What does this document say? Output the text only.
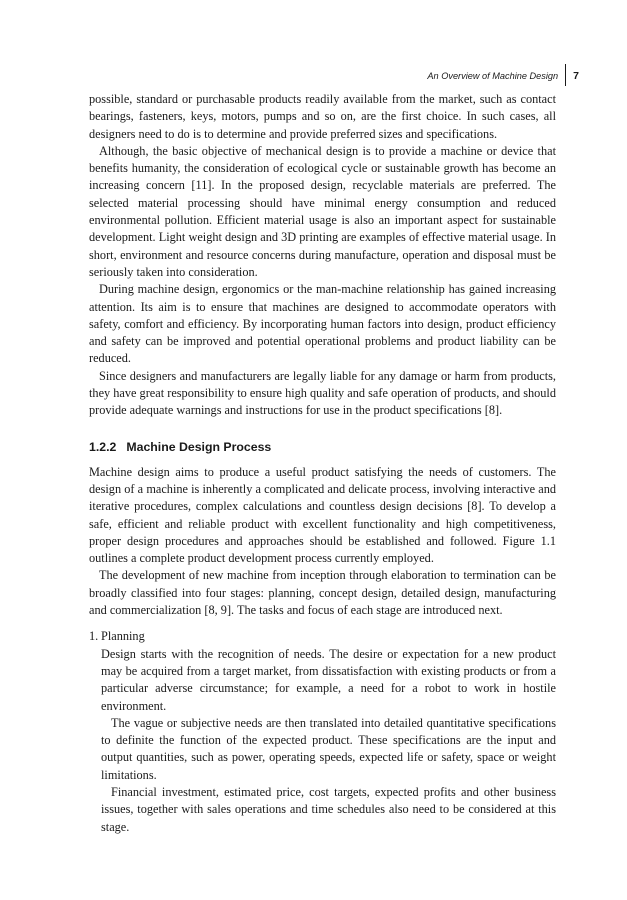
An Overview of Machine Design	7

possible, standard or purchasable products readily available from the market, such as contact bearings, fasteners, keys, motors, pumps and so on, are the first choice. In such cases, all designers need to do is to determine and provide preferred sizes and specifications.

Although, the basic objective of mechanical design is to provide a machine or device that benefits humanity, the consideration of ecological cycle or sustainable growth has become an increasing concern [11]. In the proposed design, recyclable materials are preferred. The selected material processing should have minimal energy consumption and reduced environmental pollution. Efficient material usage is also an important aspect for sustainable development. Light weight design and 3D printing are examples of effective material usage. In short, environment and resource concerns during manufacture, operation and disposal must be seriously taken into consideration.

During machine design, ergonomics or the man-machine relationship has gained increasing attention. Its aim is to ensure that machines are designed to accommodate operators with safety, comfort and efficiency. By incorporating human factors into design, product efficiency and safety can be improved and potential operational problems and product liability can be reduced.

Since designers and manufacturers are legally liable for any damage or harm from products, they have great responsibility to ensure high quality and safe operation of products, and should provide adequate warnings and instructions for use in the product specifications [8].

1.2.2 Machine Design Process

Machine design aims to produce a useful product satisfying the needs of customers. The design of a machine is inherently a complicated and delicate process, involving interactive and iterative procedures, complex calculations and countless design decisions [8]. To develop a safe, efficient and reliable product with excellent functionality and high competitiveness, proper design procedures and approaches should be established and followed. Figure 1.1 outlines a complete product development process currently employed.

The development of new machine from inception through elaboration to termination can be broadly classified into four stages: planning, concept design, detailed design, manufacturing and commercialization [8, 9]. The tasks and focus of each stage are introduced next.

1. Planning

Design starts with the recognition of needs. The desire or expectation for a new product may be acquired from a target market, from dissatisfaction with existing products or from a particular adverse circumstance; for example, a need for a robot to work in hostile environment.

The vague or subjective needs are then translated into detailed quantitative specifications to definite the function of the expected product. These specifications are the input and output quantities, such as power, operating speeds, expected life or safety, space or weight limitations.

Financial investment, estimated price, cost targets, expected profits and other business issues, together with sales operations and time schedules also need to be considered at this stage.
